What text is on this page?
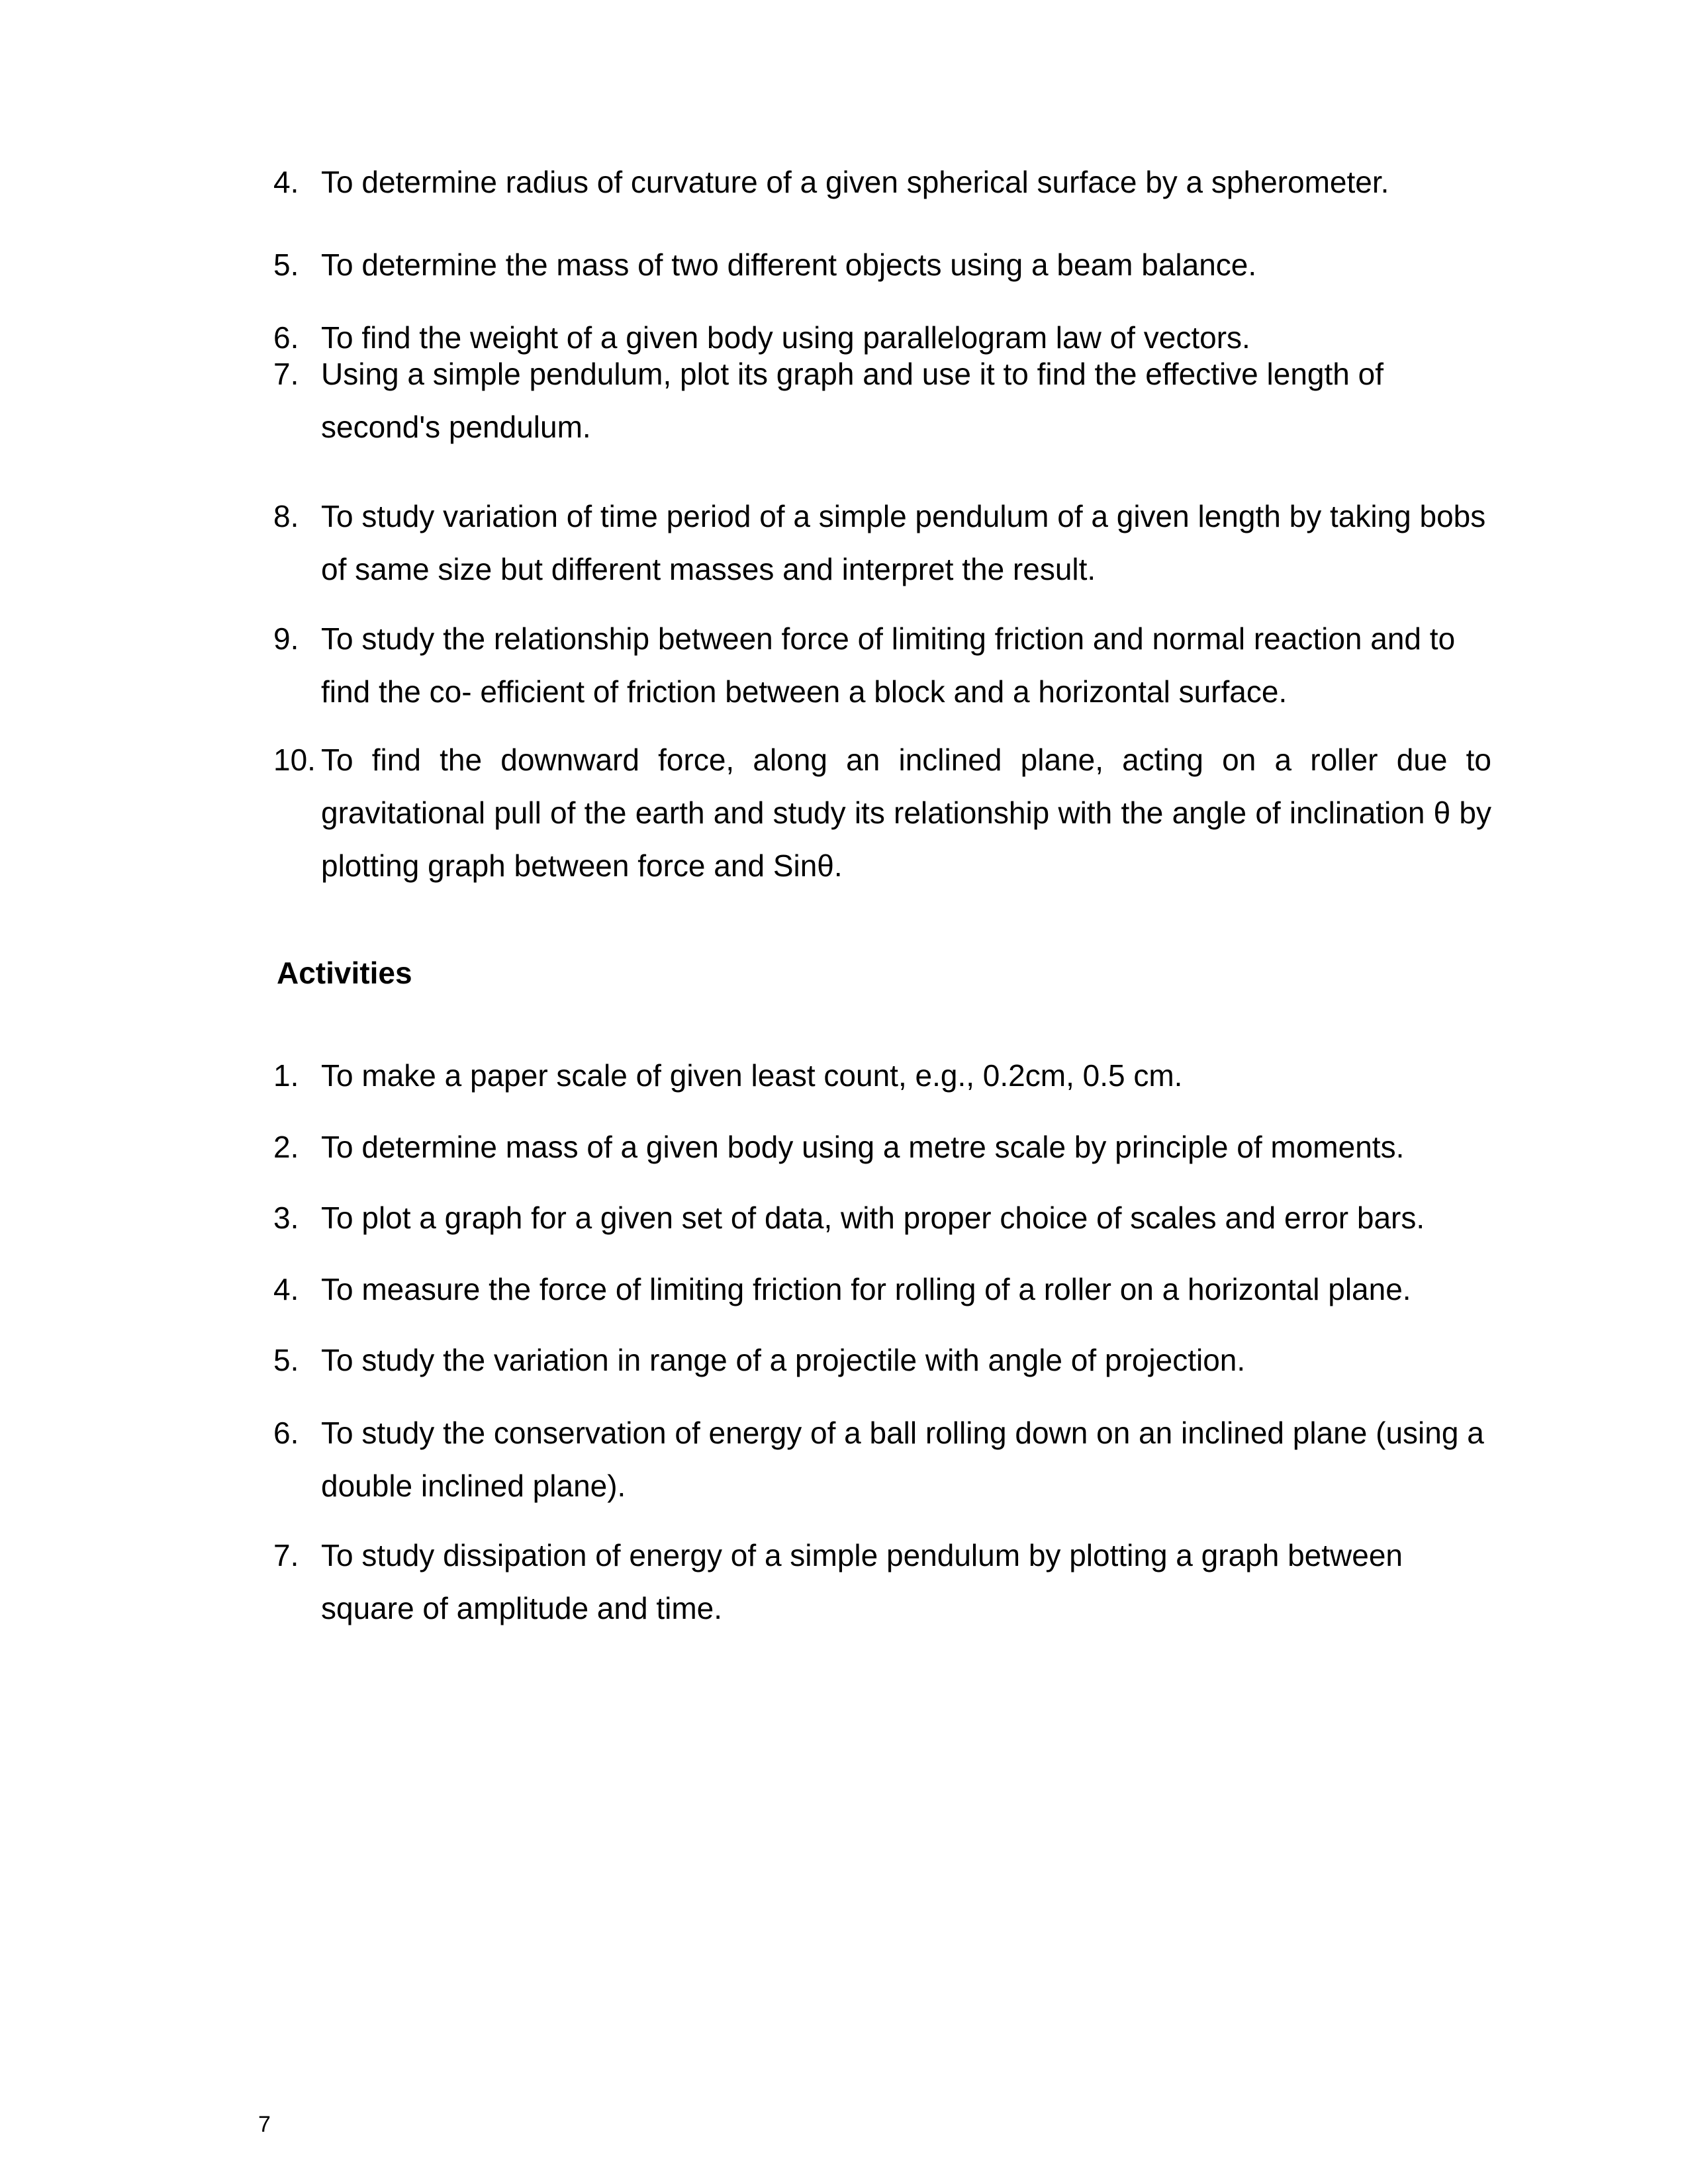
4. To determine radius of curvature of a given spherical surface by a spherometer.
5. To determine the mass of two different objects using a beam balance.
6. To find the weight of a given body using parallelogram law of vectors.
7. Using a simple pendulum, plot its graph and use it to find the effective length of second's pendulum.
8. To study variation of time period of a simple pendulum of a given length by taking bobs of same size but different masses and interpret the result.
9. To study the relationship between force of limiting friction and normal reaction and to find the co- efficient of friction between a block and a horizontal surface.
10. To find the downward force, along an inclined plane, acting on a roller due to gravitational pull of the earth and study its relationship with the angle of inclination θ by plotting graph between force and Sinθ.
Activities
1. To make a paper scale of given least count, e.g., 0.2cm, 0.5 cm.
2. To determine mass of a given body using a metre scale by principle of moments.
3. To plot a graph for a given set of data, with proper choice of scales and error bars.
4. To measure the force of limiting friction for rolling of a roller on a horizontal plane.
5. To study the variation in range of a projectile with angle of projection.
6. To study the conservation of energy of a ball rolling down on an inclined plane (using a double inclined plane).
7. To study dissipation of energy of a simple pendulum by plotting a graph between square of amplitude and time.
7
